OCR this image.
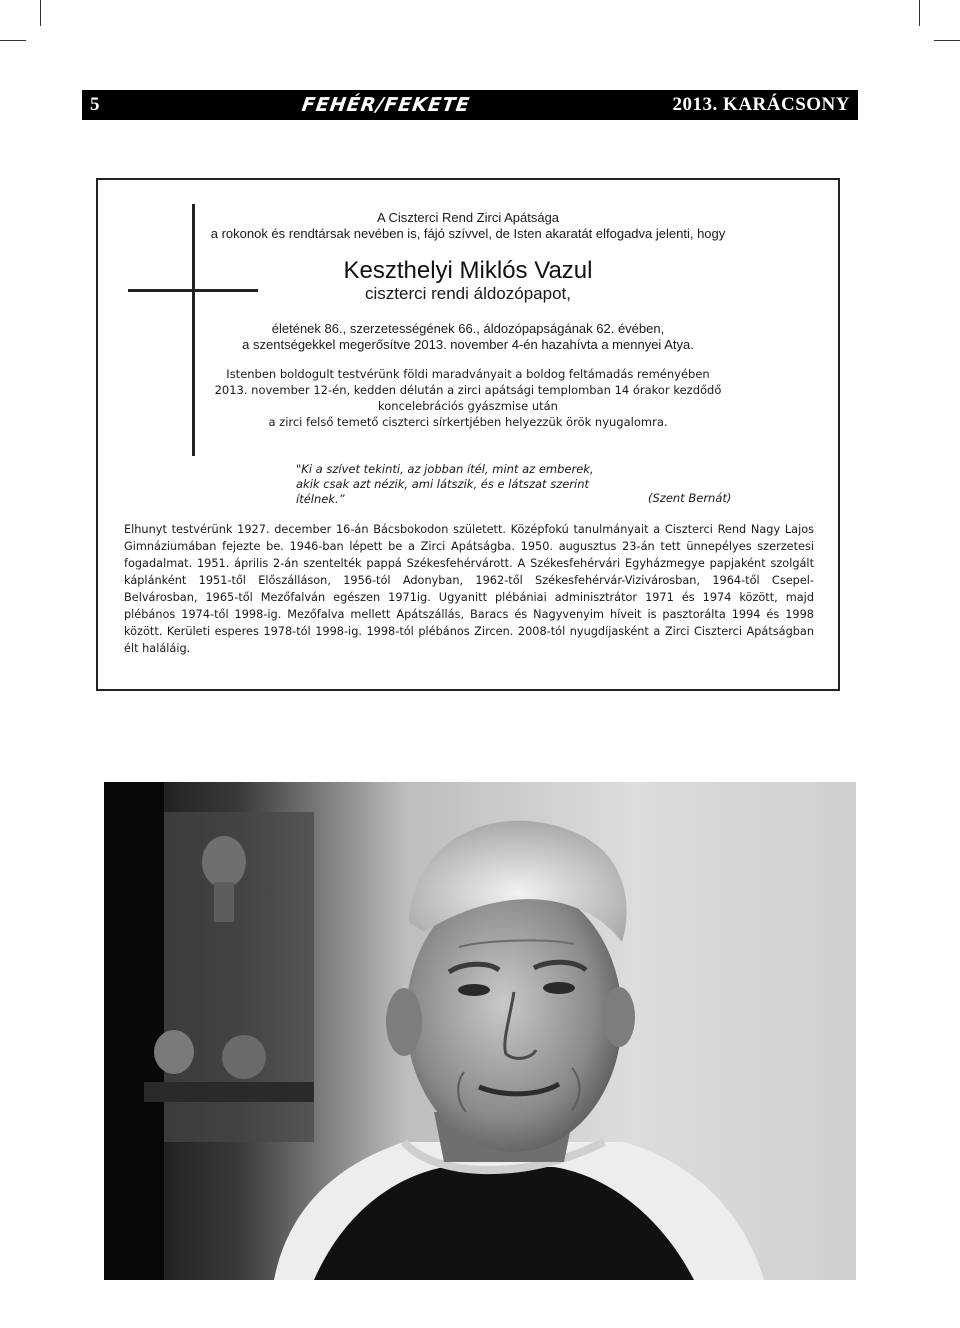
5	FEHÉR/FEKETE	2013. KARÁCSONY
A Ciszterci Rend Zirci Apátsága
a rokonok és rendtársak nevében is, fájó szívvel, de Isten akaratát elfogadva jelenti, hogy
Keszthelyi Miklós Vazul
ciszterci rendi áldozópapot,
életének 86., szerzetességének 66., áldozópapságának 62. évében,
a szentségekkel megerősítve 2013. november 4-én hazahívta a mennyei Atya.
Istenben boldogult testvérünk földi maradványait a boldog feltámadás reményében
2013. november 12-én, kedden délután a zirci apátsági templomban 14 órakor kezdődő
koncelebrációs gyászmise után
a zirci felső temető ciszterci sírkertjében helyezzük örök nyugalomra.
"Ki a szívet tekinti, az jobban ítél, mint az emberek,
akik csak azt nézik, ami látszik, és e látszat szerint ítélnek.”	(Szent Bernát)
Elhunyt testvérünk 1927. december 16-án Bácsbokodon született. Középfokú tanulmányait a Ciszterci Rend Nagy Lajos Gimnáziumában fejezte be. 1946-ban lépett be a Zirci Apátságba. 1950. augusztus 23-án tett ünnepélyes szerzetesi fogadalmat. 1951. április 2-án szentelték pappá Székesfehérvárott. A Székesfehérvári Egyházmegye papjaként szolgált káplánként 1951-től Előszálláson, 1956-tól Adonyban, 1962-től Székesfehérvár-Vizivárosban, 1964-től Csepel-Belvárosban, 1965-től Mezőfalván egészen 1971ig. Ugyanitt plébániai adminisztrátor 1971 és 1974 között, majd plébános 1974-től 1998-ig. Mezőfalva mellett Apátszállás, Baracs és Nagyvenyim híveit is pasztorálta 1994 és 1998 között. Kerületi esperes 1978-tól 1998-ig. 1998-tól plébános Zircen. 2008-tól nyugdíjasként a Zirci Ciszterci Apátságban élt haláláig.
